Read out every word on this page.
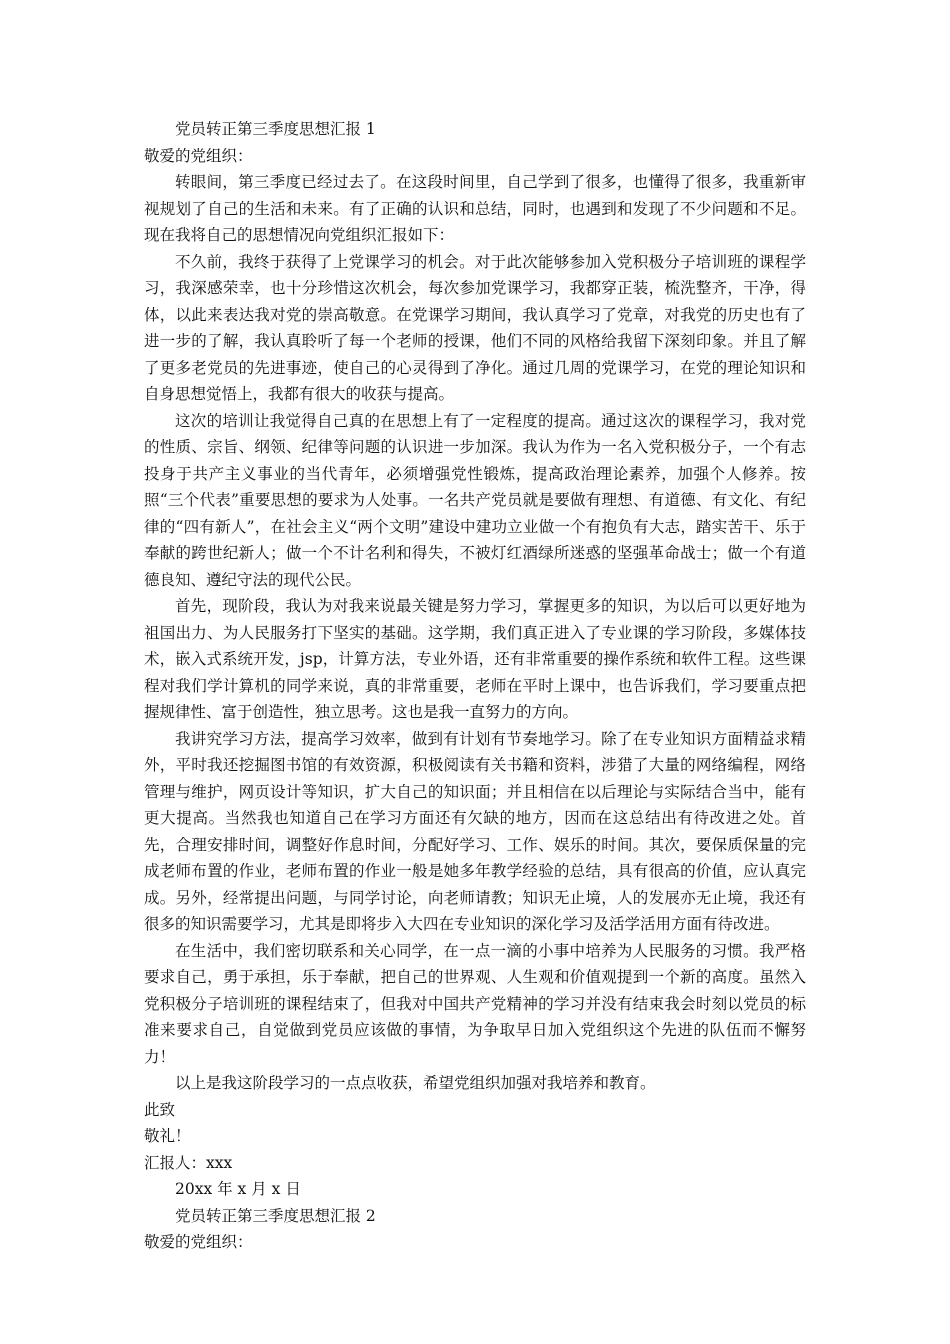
党员转正第三季度思想汇报 1

敬爱的党组织：

转眼间，第三季度已经过去了。在这段时间里，自己学到了很多，也懂得了很多，我重新审视规划了自己的生活和未来。有了正确的认识和总结，同时，也遇到和发现了不少问题和不足。现在我将自己的思想情况向党组织汇报如下：

不久前，我终于获得了上党课学习的机会。对于此次能够参加入党积极分子培训班的课程学习，我深感荣幸，也十分珍惜这次机会，每次参加党课学习，我都穿正装，梳洗整齐，干净，得体，以此来表达我对党的崇高敬意。在党课学习期间，我认真学习了党章，对我党的历史也有了进一步的了解，我认真聆听了每一个老师的授课，他们不同的风格给我留下深刻印象。并且了解了更多老党员的先进事迹，使自己的心灵得到了净化。通过几周的党课学习，在党的理论知识和自身思想觉悟上，我都有很大的收获与提高。

这次的培训让我觉得自己真的在思想上有了一定程度的提高。通过这次的课程学习，我对党的性质、宗旨、纲领、纪律等问题的认识进一步加深。我认为作为一名入党积极分子，一个有志投身于共产主义事业的当代青年，必须增强党性锻炼，提高政治理论素养，加强个人修养。按照“三个代表”重要思想的要求为人处事。一名共产党员就是要做有理想、有道德、有文化、有纪律的“四有新人”，在社会主义“两个文明”建设中建功立业做一个有抱负有大志，踏实苦干、乐于奉献的跨世纪新人；做一个不计名利和得失，不被灯红酒绿所迷惑的坚强革命战士；做一个有道德良知、遵纪守法的现代公民。

首先，现阶段，我认为对我来说最关键是努力学习，掌握更多的知识，为以后可以更好地为祖国出力、为人民服务打下坚实的基础。这学期，我们真正进入了专业课的学习阶段，多媒体技术，嵌入式系统开发，jsp，计算方法，专业外语，还有非常重要的操作系统和软件工程。这些课程对我们学计算机的同学来说，真的非常重要，老师在平时上课中，也告诉我们，学习要重点把握规律性、富于创造性，独立思考。这也是我一直努力的方向。

我讲究学习方法，提高学习效率，做到有计划有节奏地学习。除了在专业知识方面精益求精外，平时我还挖掘图书馆的有效资源，积极阅读有关书籍和资料，涉猎了大量的网络编程，网络管理与维护，网页设计等知识，扩大自己的知识面；并且相信在以后理论与实际结合当中，能有更大提高。当然我也知道自己在学习方面还有欠缺的地方，因而在这总结出有待改进之处。首先，合理安排时间，调整好作息时间，分配好学习、工作、娱乐的时间。其次，要保质保量的完成老师布置的作业，老师布置的作业一般是她多年教学经验的总结，具有很高的价值，应认真完成。另外，经常提出问题，与同学讨论，向老师请教；知识无止境，人的发展亦无止境，我还有很多的知识需要学习，尤其是即将步入大四在专业知识的深化学习及活学活用方面有待改进。

在生活中，我们密切联系和关心同学，在一点一滴的小事中培养为人民服务的习惯。我严格要求自己，勇于承担，乐于奉献，把自己的世界观、人生观和价值观提到一个新的高度。虽然入党积极分子培训班的课程结束了，但我对中国共产党精神的学习并没有结束我会时刻以党员的标准来要求自己，自觉做到党员应该做的事情，为争取早日加入党组织这个先进的队伍而不懈努力！

以上是我这阶段学习的一点点收获，希望党组织加强对我培养和教育。

此致

敬礼！

汇报人：xxx

20xx 年 x 月 x 日

党员转正第三季度思想汇报 2

敬爱的党组织：
